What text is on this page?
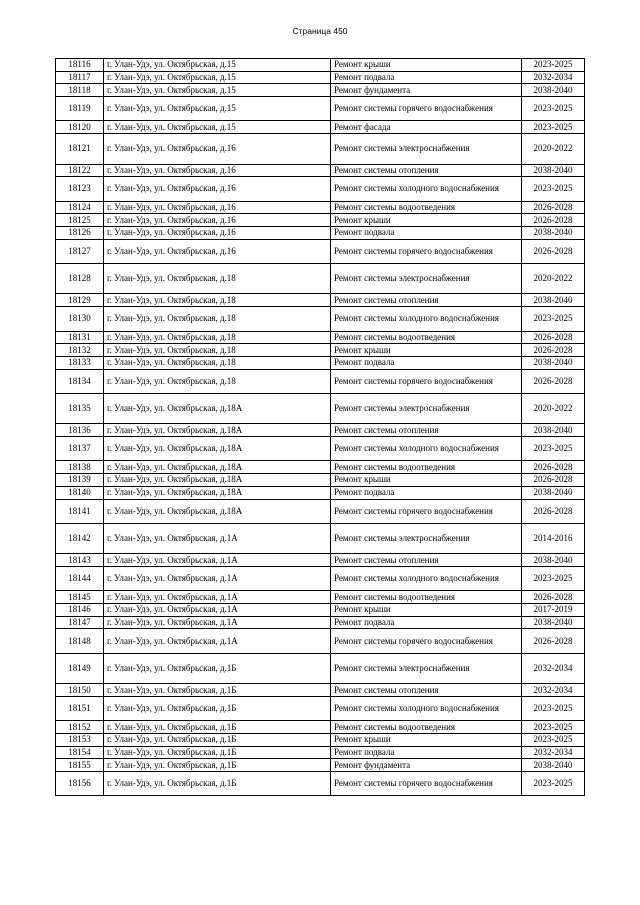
Страница 450
18116	г. Улан-Удэ, ул. Октябрьская, д.15	Ремонт крыши	2023-2025
18117	г. Улан-Удэ, ул. Октябрьская, д.15	Ремонт подвала	2032-2034
18118	г. Улан-Удэ, ул. Октябрьская, д.15	Ремонт фундамента	2038-2040
18119	г. Улан-Удэ, ул. Октябрьская, д.15	Ремонт системы горячего водоснабжения	2023-2025
18120	г. Улан-Удэ, ул. Октябрьская, д.15	Ремонт фасада	2023-2025
18121	г. Улан-Удэ, ул. Октябрьская, д.16	Ремонт системы электроснабжения	2020-2022
18122	г. Улан-Удэ, ул. Октябрьская, д.16	Ремонт системы отопления	2038-2040
18123	г. Улан-Удэ, ул. Октябрьская, д.16	Ремонт системы холодного водоснабжения	2023-2025
18124	г. Улан-Удэ, ул. Октябрьская, д.16	Ремонт системы водоотведения	2026-2028
18125	г. Улан-Удэ, ул. Октябрьская, д.16	Ремонт крыши	2026-2028
18126	г. Улан-Удэ, ул. Октябрьская, д.16	Ремонт подвала	2038-2040
18127	г. Улан-Удэ, ул. Октябрьская, д.16	Ремонт системы горячего водоснабжения	2026-2028
18128	г. Улан-Удэ, ул. Октябрьская, д.18	Ремонт системы электроснабжения	2020-2022
18129	г. Улан-Удэ, ул. Октябрьская, д.18	Ремонт системы отопления	2038-2040
18130	г. Улан-Удэ, ул. Октябрьская, д.18	Ремонт системы холодного водоснабжения	2023-2025
18131	г. Улан-Удэ, ул. Октябрьская, д.18	Ремонт системы водоотведения	2026-2028
18132	г. Улан-Удэ, ул. Октябрьская, д.18	Ремонт крыши	2026-2028
18133	г. Улан-Удэ, ул. Октябрьская, д.18	Ремонт подвала	2038-2040
18134	г. Улан-Удэ, ул. Октябрьская, д.18	Ремонт системы горячего водоснабжения	2026-2028
18135	г. Улан-Удэ, ул. Октябрьская, д.18А	Ремонт системы электроснабжения	2020-2022
18136	г. Улан-Удэ, ул. Октябрьская, д.18А	Ремонт системы отопления	2038-2040
18137	г. Улан-Удэ, ул. Октябрьская, д.18А	Ремонт системы холодного водоснабжения	2023-2025
18138	г. Улан-Удэ, ул. Октябрьская, д.18А	Ремонт системы водоотведения	2026-2028
18139	г. Улан-Удэ, ул. Октябрьская, д.18А	Ремонт крыши	2026-2028
18140	г. Улан-Удэ, ул. Октябрьская, д.18А	Ремонт подвала	2038-2040
18141	г. Улан-Удэ, ул. Октябрьская, д.18А	Ремонт системы горячего водоснабжения	2026-2028
18142	г. Улан-Удэ, ул. Октябрьская, д.1А	Ремонт системы электроснабжения	2014-2016
18143	г. Улан-Удэ, ул. Октябрьская, д.1А	Ремонт системы отопления	2038-2040
18144	г. Улан-Удэ, ул. Октябрьская, д.1А	Ремонт системы холодного водоснабжения	2023-2025
18145	г. Улан-Удэ, ул. Октябрьская, д.1А	Ремонт системы водоотведения	2026-2028
18146	г. Улан-Удэ, ул. Октябрьская, д.1А	Ремонт крыши	2017-2019
18147	г. Улан-Удэ, ул. Октябрьская, д.1А	Ремонт подвала	2038-2040
18148	г. Улан-Удэ, ул. Октябрьская, д.1А	Ремонт системы горячего водоснабжения	2026-2028
18149	г. Улан-Удэ, ул. Октябрьская, д.1Б	Ремонт системы электроснабжения	2032-2034
18150	г. Улан-Удэ, ул. Октябрьская, д.1Б	Ремонт системы отопления	2032-2034
18151	г. Улан-Удэ, ул. Октябрьская, д.1Б	Ремонт системы холодного водоснабжения	2023-2025
18152	г. Улан-Удэ, ул. Октябрьская, д.1Б	Ремонт системы водоотведения	2023-2025
18153	г. Улан-Удэ, ул. Октябрьская, д.1Б	Ремонт крыши	2023-2025
18154	г. Улан-Удэ, ул. Октябрьская, д.1Б	Ремонт подвала	2032-2034
18155	г. Улан-Удэ, ул. Октябрьская, д.1Б	Ремонт фундамента	2038-2040
18156	г. Улан-Удэ, ул. Октябрьская, д.1Б	Ремонт системы горячего водоснабжения	2023-2025
